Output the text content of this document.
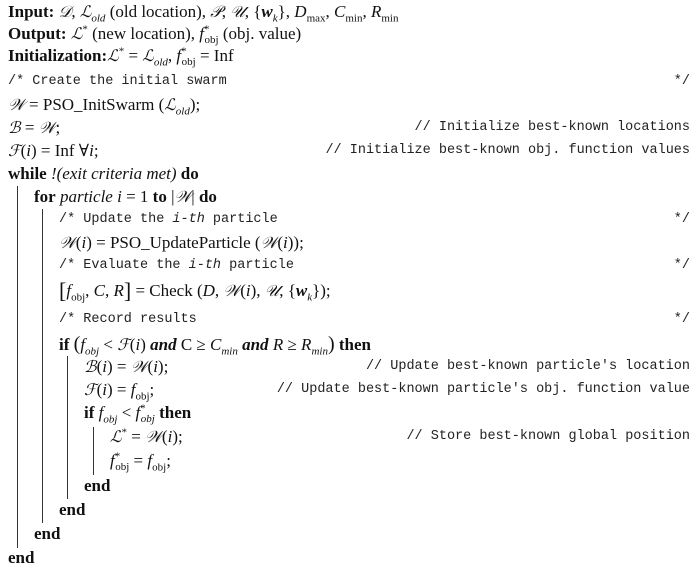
Input: 𝒟, ℒ$_{old}$ (old location), 𝒫, 𝒰, $\{w_k\}$, $D_{max}$, $C_{min}$, $R_{min}$
Output: ℒ* (new location), $f^*_{obj}$ (obj. value)
Initialization:ℒ* = ℒ$_{old}$, $f^*_{obj}$ = Inf
/* Create the initial swarm	*/
𝒲 = PSO_InitSwarm (ℒ$_{old}$);
ℬ = 𝒲;	// Initialize best-known locations
ℱ(i) = Inf ∀i;	// Initialize best-known obj. function values
while !(exit criteria met) do
for particle i = 1 to |𝒲| do
/* Update the i-th particle	*/
𝒲(i) = PSO_UpdateParticle (𝒲(i));
/* Evaluate the i-th particle	*/
[$f_{obj}$, C, R] = Check (D, 𝒲(i), 𝒰, $\{w_k\}$);
/* Record results	*/
if ($f_{obj}$ < ℱ(i) and $C \ge C_{min}$ and $R \ge R_{min}$) then
ℬ(i) = 𝒲(i);	// Update best-known particle's location
ℱ(i) = $f_{obj}$;	// Update best-known particle's obj. function value
if $f_{obj} < f^*_{obj}$ then
ℒ* = 𝒲(i);	// Store best-known global position
$f^*_{obj} = f_{obj}$;
end
end
end
end
